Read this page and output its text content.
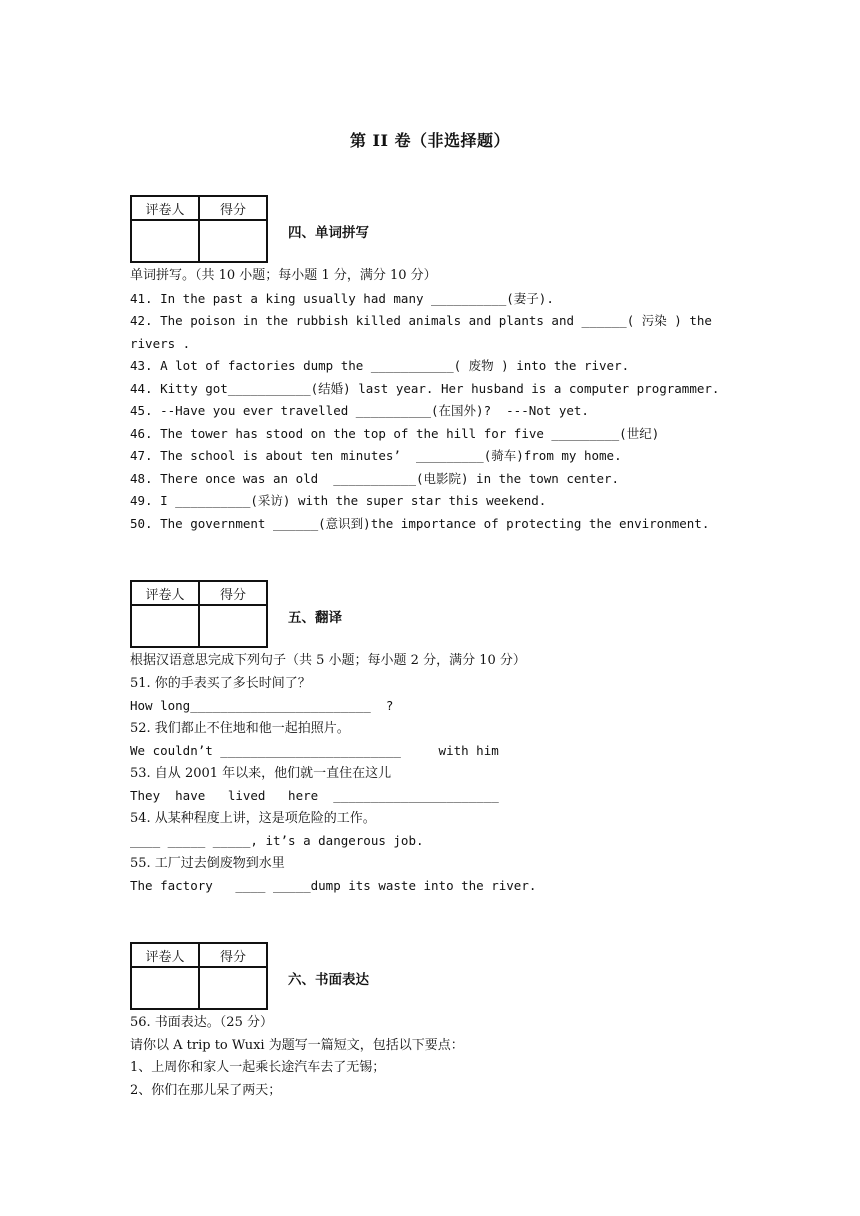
第 II 卷（非选择题）
评卷人	得分

四、单词拼写
单词拼写。（共 10 小题；每小题 1 分，满分 10 分）
41. In the past a king usually had many __________(妻子).
42. The poison in the rubbish killed animals and plants and ______( 污染 ) the
rivers .
43. A lot of factories dump the ___________( 废物 ) into the river.
44. Kitty got___________(结婚) last year. Her husband is a computer programmer.
45. --Have you ever travelled __________(在国外)?  ---Not yet.
46. The tower has stood on the top of the hill for five _________(世纪)
47. The school is about ten minutes’  _________(骑车)from my home.
48. There once was an old  ___________(电影院) in the town center.
49. I __________(采访) with the super star this weekend.
50. The government ______(意识到)the importance of protecting the environment.
评卷人	得分

五、翻译
根据汉语意思完成下列句子（共 5 小题；每小题 2 分，满分 10 分）
51. 你的手表买了多长时间了？
How long________________________  ?
52. 我们都止不住地和他一起拍照片。
We couldn’t ________________________     with him
53. 自从 2001 年以来，他们就一直住在这儿
They  have   lived   here  ______________________
54. 从某种程度上讲，这是项危险的工作。
____ _____ _____, it’s a dangerous job.
55. 工厂过去倒废物到水里
The factory   ____ _____dump its waste into the river.
评卷人	得分

六、书面表达
56. 书面表达。（25 分）
请你以 A trip to Wuxi 为题写一篇短文，包括以下要点：
1、上周你和家人一起乘长途汽车去了无锡；
2、你们在那儿呆了两天；
